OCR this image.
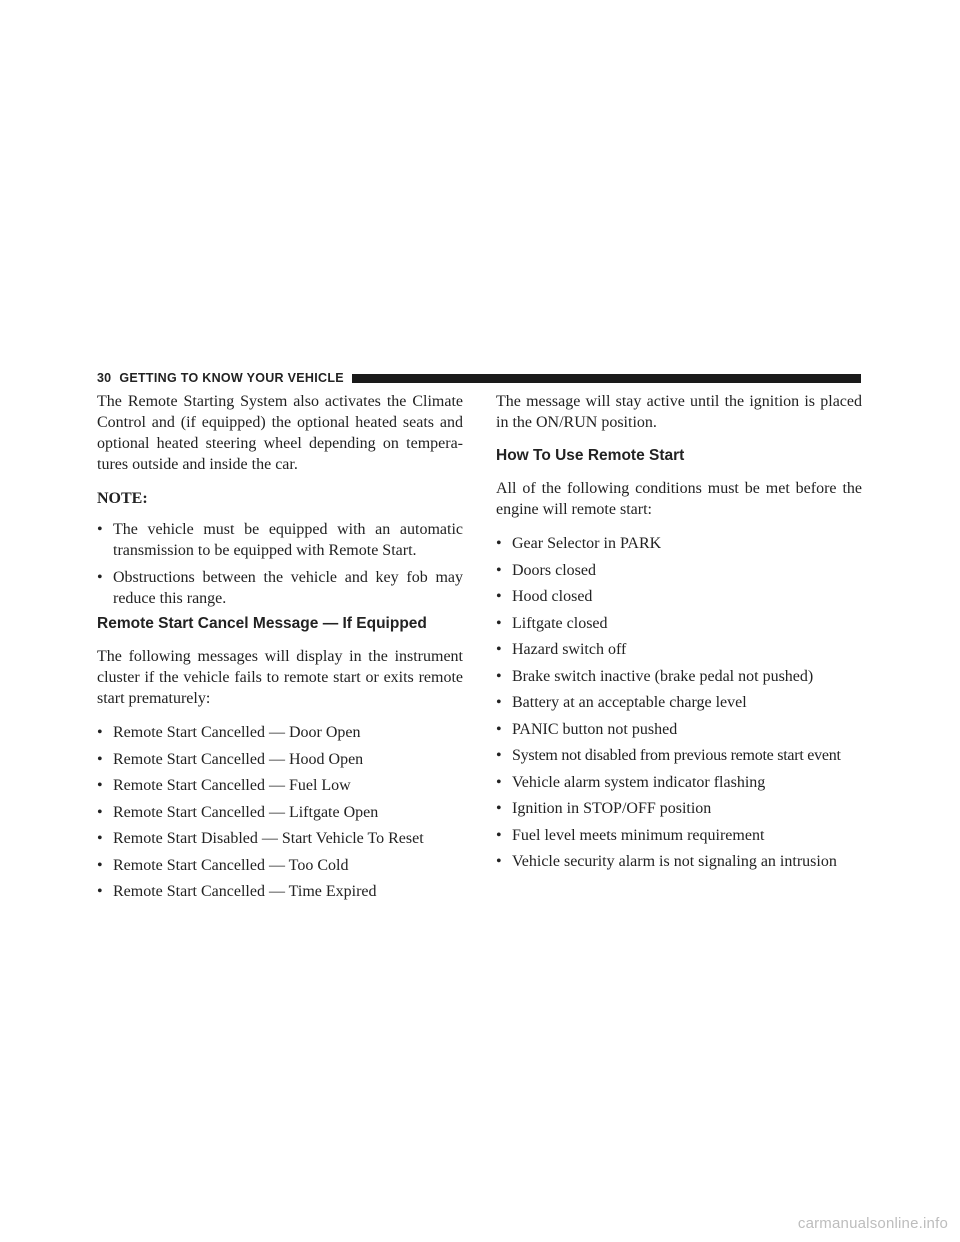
30 GETTING TO KNOW YOUR VEHICLE

The Remote Starting System also activates the Climate Control and (if equipped) the optional heated seats and optional heated steering wheel depending on tempera-tures outside and inside the car.

NOTE:

• The vehicle must be equipped with an automatic transmission to be equipped with Remote Start.
• Obstructions between the vehicle and key fob may reduce this range.
Remote Start Cancel Message — If Equipped

The following messages will display in the instrument cluster if the vehicle fails to remote start or exits remote start prematurely:

• Remote Start Cancelled — Door Open
• Remote Start Cancelled — Hood Open
• Remote Start Cancelled — Fuel Low
• Remote Start Cancelled — Liftgate Open
• Remote Start Disabled — Start Vehicle To Reset
• Remote Start Cancelled — Too Cold
• Remote Start Cancelled — Time Expired

The message will stay active until the ignition is placed in the ON/RUN position.

How To Use Remote Start

All of the following conditions must be met before the engine will remote start:

• Gear Selector in PARK
• Doors closed
• Hood closed
• Liftgate closed
• Hazard switch off
• Brake switch inactive (brake pedal not pushed)
• Battery at an acceptable charge level
• PANIC button not pushed
• System not disabled from previous remote start event
• Vehicle alarm system indicator flashing
• Ignition in STOP/OFF position
• Fuel level meets minimum requirement
• Vehicle security alarm is not signaling an intrusion
carmanualsonline.info
